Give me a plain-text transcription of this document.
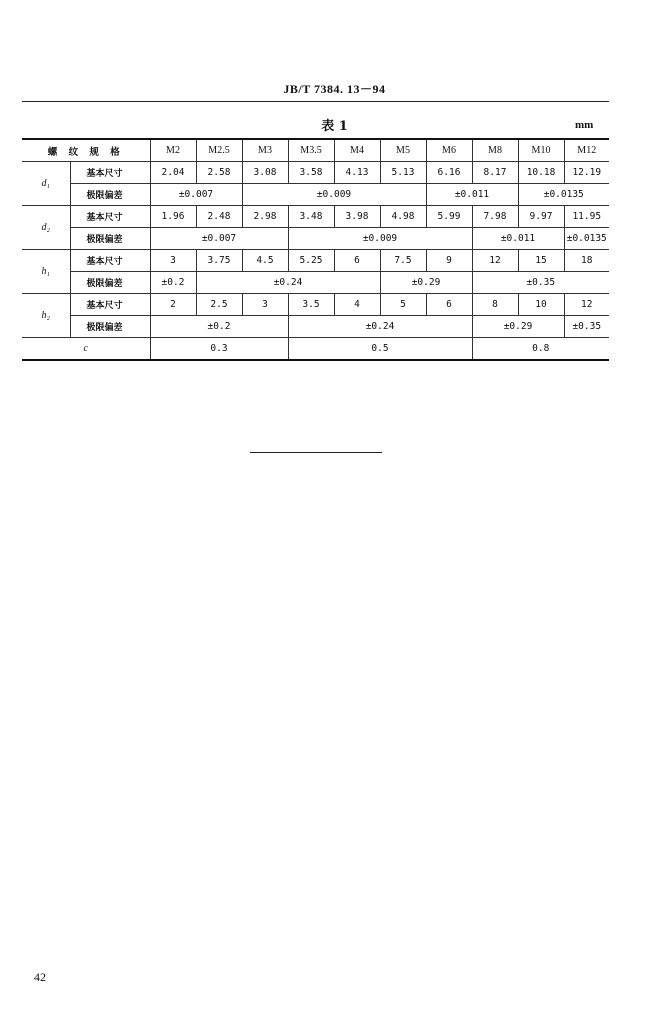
JB/T 7384. 13－94
表 1	mm
螺 纹 规 格		M2	M2.5	M3	M3.5	M4	M5	M6	M8	M10	M12
d₁	基本尺寸	2.04	2.58	3.08	3.58	4.13	5.13	6.16	8.17	10.18	12.19
	极限偏差	±0.007		±0.009				±0.011		±0.0135	
d₂	基本尺寸	1.96	2.48	2.98	3.48	3.98	4.98	5.99	7.98	9.97	11.95
	极限偏差	±0.007			±0.009				±0.011		±0.0135
h₁	基本尺寸	3	3.75	4.5	5.25	6	7.5	9	12	15	18
	极限偏差	±0.2	±0.24				±0.29		±0.35		
h₂	基本尺寸	2	2.5	3	3.5	4	5	6	8	10	12
	极限偏差	±0.2			±0.24				±0.29		±0.35
c		0.3			0.5				0.8		
42
